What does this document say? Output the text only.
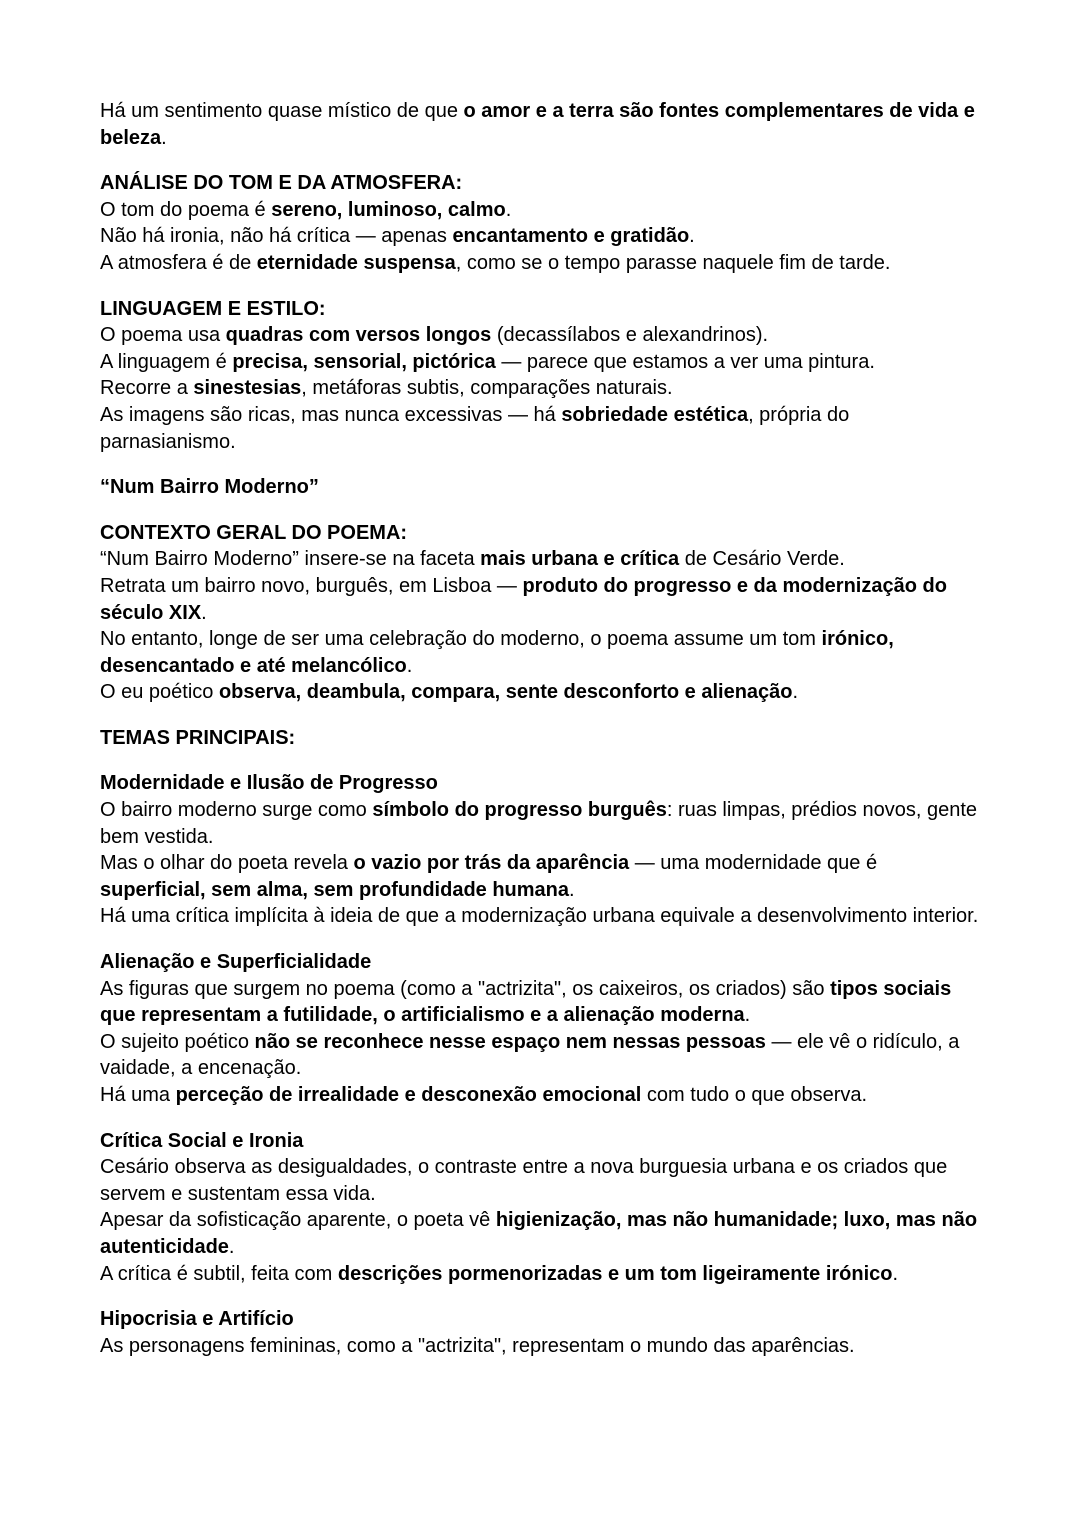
Há um sentimento quase místico de que o amor e a terra são fontes complementares de vida e beleza.

ANÁLISE DO TOM E DA ATMOSFERA:

O tom do poema é sereno, luminoso, calmo.

Não há ironia, não há crítica — apenas encantamento e gratidão.

A atmosfera é de eternidade suspensa, como se o tempo parasse naquele fim de tarde.

LINGUAGEM E ESTILO:

O poema usa quadras com versos longos (decassílabos e alexandrinos).

A linguagem é precisa, sensorial, pictórica — parece que estamos a ver uma pintura.

Recorre a sinestesias, metáforas subtis, comparações naturais.

As imagens são ricas, mas nunca excessivas — há sobriedade estética, própria do parnasianismo.

“Num Bairro Moderno”

CONTEXTO GERAL DO POEMA:

“Num Bairro Moderno” insere-se na faceta mais urbana e crítica de Cesário Verde.

Retrata um bairro novo, burguês, em Lisboa — produto do progresso e da modernização do século XIX.

No entanto, longe de ser uma celebração do moderno, o poema assume um tom irónico, desencantado e até melancólico.

O eu poético observa, deambula, compara, sente desconforto e alienação.

TEMAS PRINCIPAIS:

Modernidade e Ilusão de Progresso

O bairro moderno surge como símbolo do progresso burguês: ruas limpas, prédios novos, gente bem vestida.

Mas o olhar do poeta revela o vazio por trás da aparência — uma modernidade que é superficial, sem alma, sem profundidade humana.

Há uma crítica implícita à ideia de que a modernização urbana equivale a desenvolvimento interior.

Alienação e Superficialidade

As figuras que surgem no poema (como a "actrizita", os caixeiros, os criados) são tipos sociais que representam a futilidade, o artificialismo e a alienação moderna.

O sujeito poético não se reconhece nesse espaço nem nessas pessoas — ele vê o ridículo, a vaidade, a encenação.

Há uma perceção de irrealidade e desconexão emocional com tudo o que observa.

Crítica Social e Ironia

Cesário observa as desigualdades, o contraste entre a nova burguesia urbana e os criados que servem e sustentam essa vida.

Apesar da sofisticação aparente, o poeta vê higienização, mas não humanidade; luxo, mas não autenticidade.

A crítica é subtil, feita com descrições pormenorizadas e um tom ligeiramente irónico.

Hipocrisia e Artifício

As personagens femininas, como a "actrizita", representam o mundo das aparências.
